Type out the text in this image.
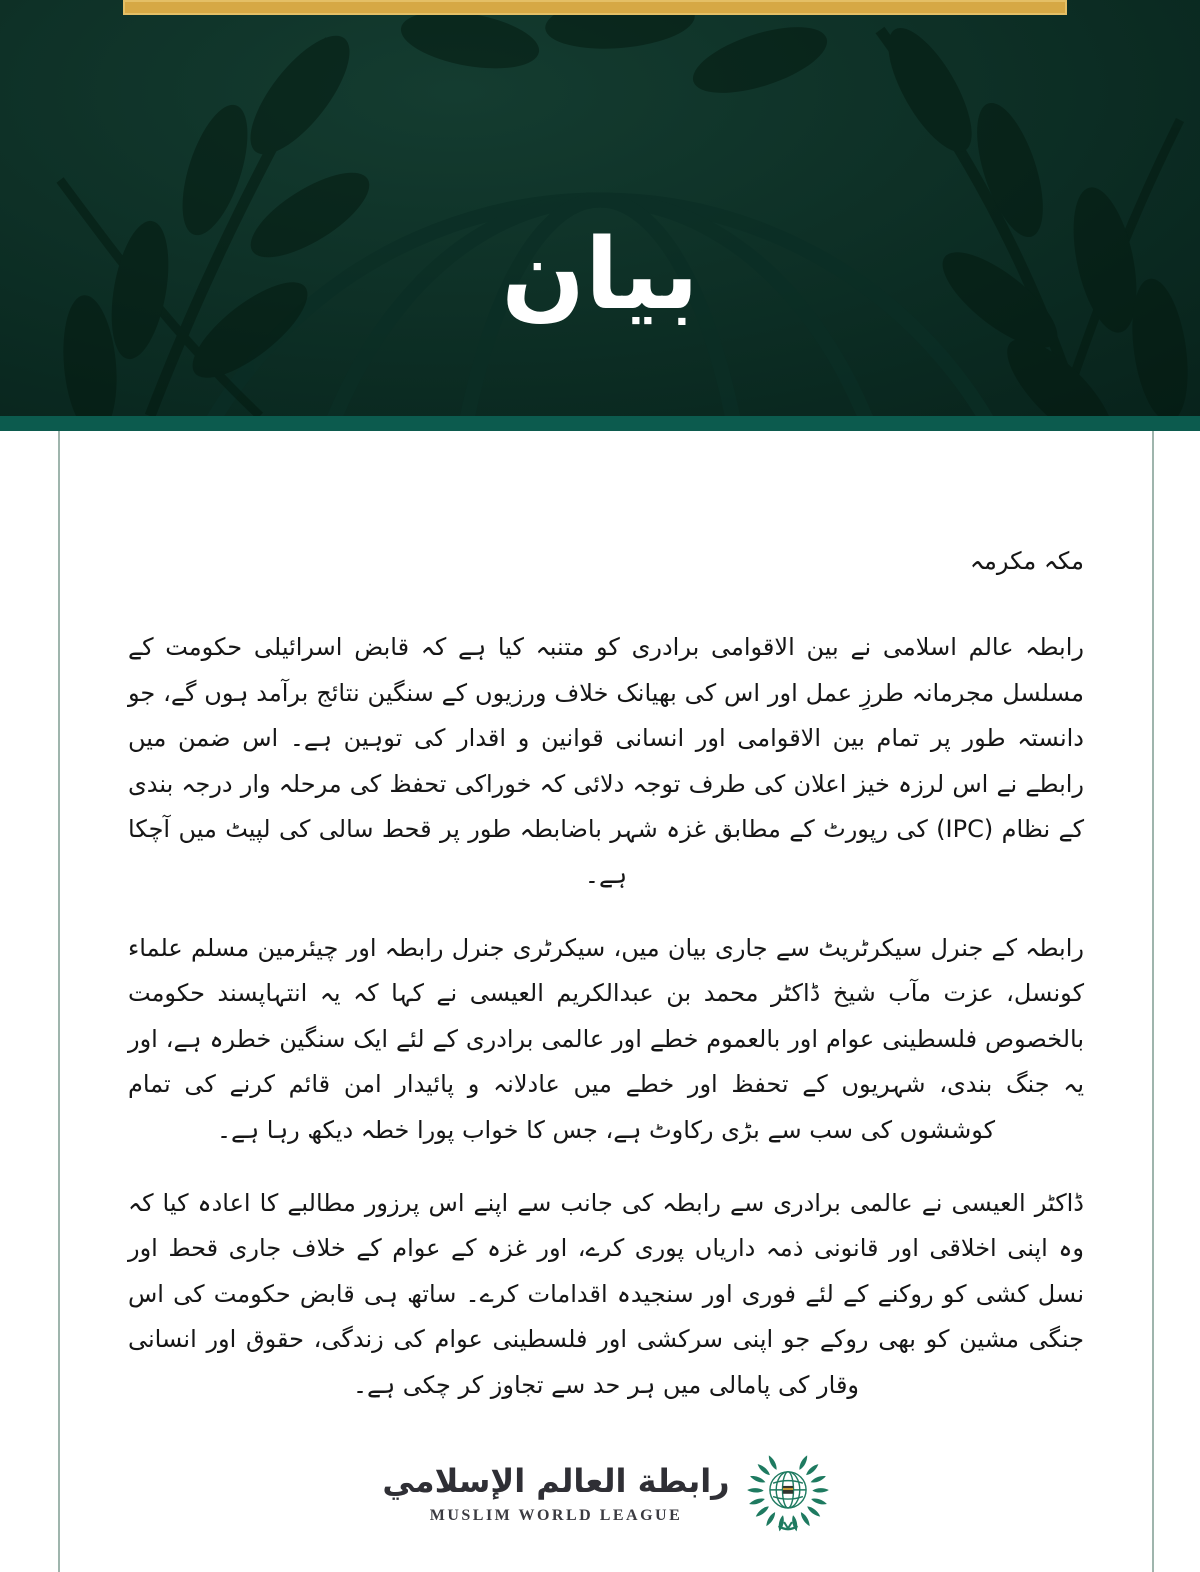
بیان

مکہ مکرمہ

رابطہ عالم اسلامی نے بین الاقوامی برادری کو متنبہ کیا ہے کہ قابض اسرائیلی حکومت کے مسلسل مجرمانہ طرزِ عمل اور اس کی بھیانک خلاف ورزیوں کے سنگین نتائج برآمد ہوں گے، جو دانستہ طور پر تمام بین الاقوامی اور انسانی قوانین و اقدار کی توہین ہے۔ اس ضمن میں رابطے نے اس لرزہ خیز اعلان کی طرف توجہ دلائی کہ خوراکی تحفظ کی مرحلہ وار درجہ بندی کے نظام (IPC) کی رپورٹ کے مطابق غزہ شہر باضابطہ طور پر قحط سالی کی لپیٹ میں آچکا ہے۔

رابطہ کے جنرل سیکرٹریٹ سے جاری بیان میں، سیکرٹری جنرل رابطہ اور چیئرمین مسلم علماء کونسل، عزت مآب شیخ ڈاکٹر محمد بن عبدالکریم العیسی نے کہا کہ یہ انتہاپسند حکومت بالخصوص فلسطینی عوام اور بالعموم خطے اور عالمی برادری کے لئے ایک سنگین خطرہ ہے، اور یہ جنگ بندی، شہریوں کے تحفظ اور خطے میں عادلانہ و پائیدار امن قائم کرنے کی تمام کوششوں کی سب سے بڑی رکاوٹ ہے، جس کا خواب پورا خطہ دیکھ رہا ہے۔

ڈاکٹر العیسی نے عالمی برادری سے رابطہ کی جانب سے اپنے اس پرزور مطالبے کا اعادہ کیا کہ وہ اپنی اخلاقی اور قانونی ذمہ داریاں پوری کرے، اور غزہ کے عوام کے خلاف جاری قحط اور نسل کشی کو روکنے کے لئے فوری اور سنجیدہ اقدامات کرے۔ ساتھ ہی قابض حکومت کی اس جنگی مشین کو بھی روکے جو اپنی سرکشی اور فلسطینی عوام کی زندگی، حقوق اور انسانی وقار کی پامالی میں ہر حد سے تجاوز کر چکی ہے۔

رابطة العالم الإسلامي
MUSLIM WORLD LEAGUE
